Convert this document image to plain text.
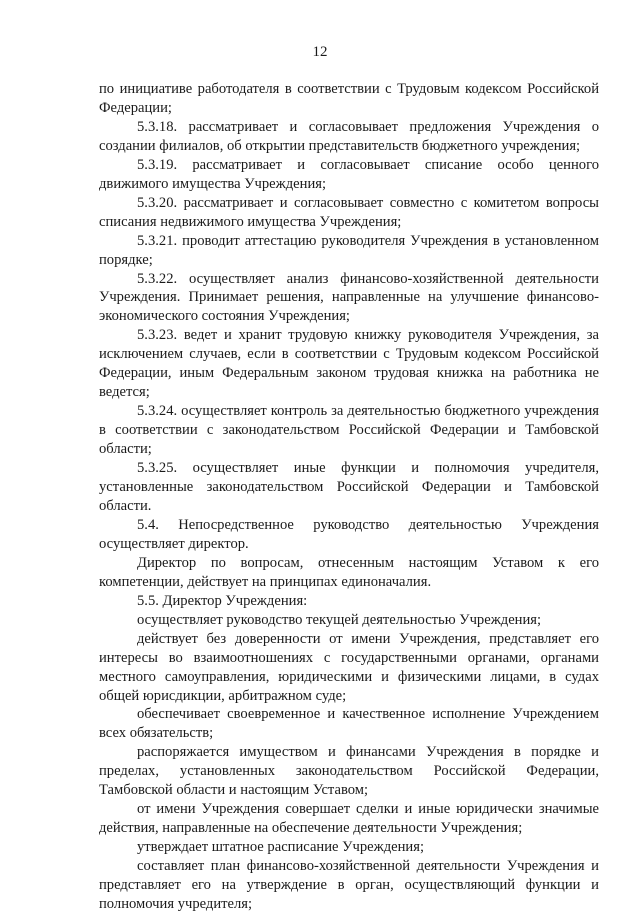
12

по инициативе работодателя в соответствии с Трудовым кодексом Российской Федерации;

5.3.18. рассматривает и согласовывает предложения Учреждения о создании филиалов, об открытии представительств бюджетного учреждения;

5.3.19. рассматривает и согласовывает списание особо ценного движимого имущества Учреждения;

5.3.20. рассматривает и согласовывает совместно с комитетом вопросы списания недвижимого имущества Учреждения;

5.3.21. проводит аттестацию руководителя Учреждения в установленном порядке;

5.3.22. осуществляет анализ финансово-хозяйственной деятельности Учреждения. Принимает решения, направленные на улучшение финансово-экономического состояния Учреждения;

5.3.23. ведет и хранит трудовую книжку руководителя Учреждения, за исключением случаев, если в соответствии с Трудовым кодексом Российской Федерации, иным Федеральным законом трудовая книжка на работника не ведется;

5.3.24. осуществляет контроль за деятельностью бюджетного учреждения в соответствии с законодательством Российской Федерации и Тамбовской области;

5.3.25. осуществляет иные функции и полномочия учредителя, установленные законодательством Российской Федерации и Тамбовской области.

5.4. Непосредственное руководство деятельностью Учреждения осуществляет директор.

Директор по вопросам, отнесенным настоящим Уставом к его компетенции, действует на принципах единоначалия.

5.5. Директор Учреждения:

осуществляет руководство текущей деятельностью Учреждения;

действует без доверенности от имени Учреждения, представляет его интересы во взаимоотношениях с государственными органами, органами местного самоуправления, юридическими и физическими лицами, в судах общей юрисдикции, арбитражном суде;

обеспечивает своевременное и качественное исполнение Учреждением всех обязательств;

распоряжается имуществом и финансами Учреждения в порядке и пределах, установленных законодательством Российской Федерации, Тамбовской области и настоящим Уставом;

от имени Учреждения совершает сделки и иные юридически значимые действия, направленные на обеспечение деятельности Учреждения;

утверждает штатное расписание Учреждения;

составляет план финансово-хозяйственной деятельности Учреждения и представляет его на утверждение в орган, осуществляющий функции и полномочия учредителя;
